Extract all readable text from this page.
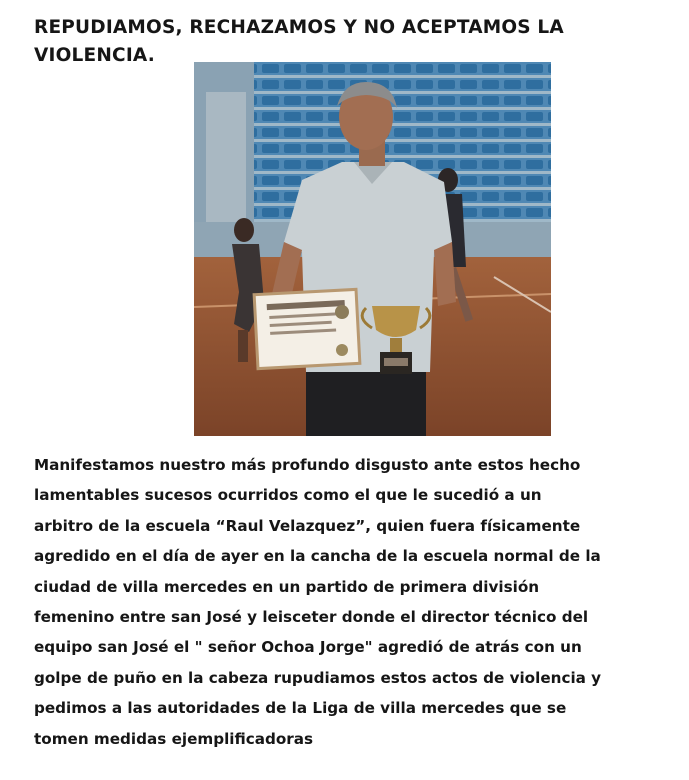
REPUDIAMOS, RECHAZAMOS Y NO ACEPTAMOS LA VIOLENCIA.
Manifestamos nuestro más profundo disgusto ante estos hecho
lamentables sucesos ocurridos como el que le sucedió a un
arbitro de la escuela “Raul Velazquez”, quien fuera físicamente
agredido en el día de ayer en la cancha de la escuela normal de la
ciudad de villa mercedes en un partido de primera división
femenino entre san José y leisceter donde el director técnico del
equipo san José el " señor Ochoa Jorge" agredió de atrás con un
golpe de puño en la cabeza rupudiamos estos actos de violencia y
pedimos a las autoridades de la Liga de villa mercedes que se
tomen medidas ejemplificadoras
